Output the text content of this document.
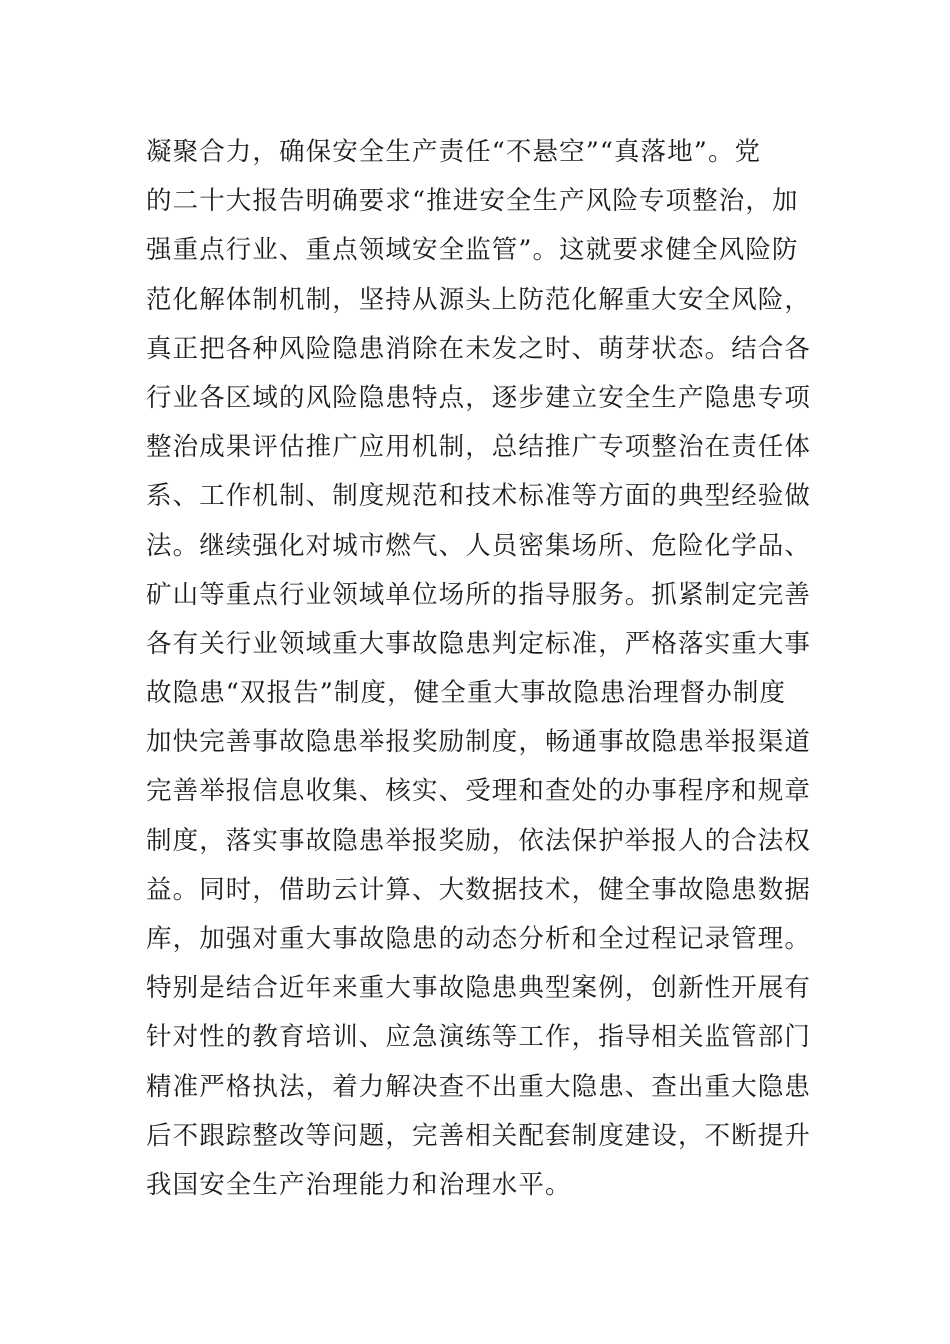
凝聚合力，确保安全生产责任“不悬空”“真落地”。党
的二十大报告明确要求“推进安全生产风险专项整治，加
强重点行业、重点领域安全监管”。这就要求健全风险防
范化解体制机制，坚持从源头上防范化解重大安全风险，
真正把各种风险隐患消除在未发之时、萌芽状态。结合各
行业各区域的风险隐患特点，逐步建立安全生产隐患专项
整治成果评估推广应用机制，总结推广专项整治在责任体
系、工作机制、制度规范和技术标准等方面的典型经验做
法。继续强化对城市燃气、人员密集场所、危险化学品、
矿山等重点行业领域单位场所的指导服务。抓紧制定完善
各有关行业领域重大事故隐患判定标准，严格落实重大事
故隐患“双报告”制度，健全重大事故隐患治理督办制度
加快完善事故隐患举报奖励制度，畅通事故隐患举报渠道
完善举报信息收集、核实、受理和查处的办事程序和规章
制度，落实事故隐患举报奖励，依法保护举报人的合法权
益。同时，借助云计算、大数据技术，健全事故隐患数据
库，加强对重大事故隐患的动态分析和全过程记录管理。
特别是结合近年来重大事故隐患典型案例，创新性开展有
针对性的教育培训、应急演练等工作，指导相关监管部门
精准严格执法，着力解决查不出重大隐患、查出重大隐患
后不跟踪整改等问题，完善相关配套制度建设，不断提升
我国安全生产治理能力和治理水平。
